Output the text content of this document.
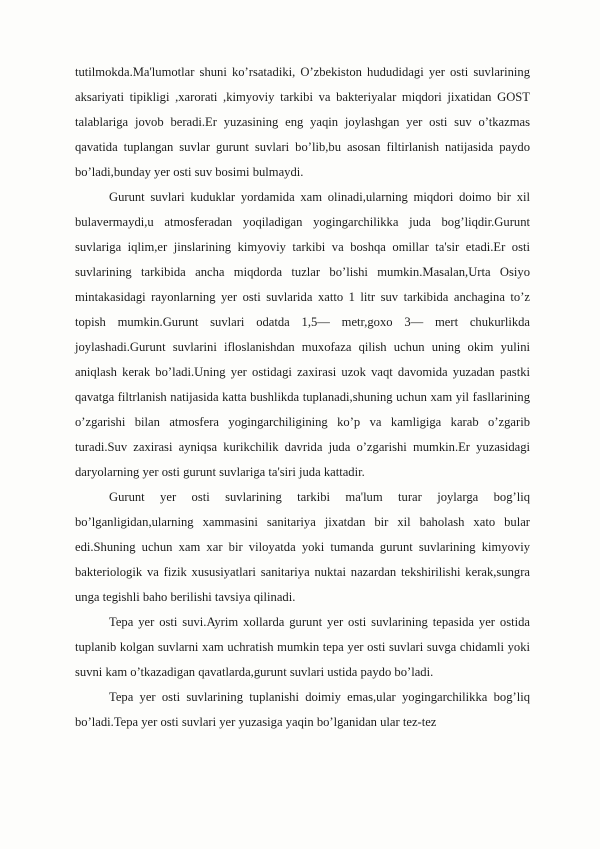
tutilmokda.Ma'lumotlar shuni ko’rsatadiki, O’zbekiston hududidagi yer osti suvlarining aksariyati tipikligi ,xarorati ,kimyoviy tarkibi va bakteriyalar miqdori jixatidan GOST talablariga jovob beradi.Er yuzasining eng yaqin joylashgan yer osti suv o’tkazmas qavatida tuplangan suvlar gurunt suvlari bo’lib,bu asosan filtirlanish natijasida paydo bo’ladi,bunday yer osti suv bosimi bulmaydi.

Gurunt suvlari kuduklar yordamida xam olinadi,ularning miqdori doimo bir xil bulavermaydi,u atmosferadan yoqiladigan yogingarchilikka juda bog’liqdir.Gurunt suvlariga iqlim,er jinslarining kimyoviy tarkibi va boshqa omillar ta'sir etadi.Er osti suvlarining tarkibida ancha miqdorda tuzlar bo’lishi mumkin.Masalan,Urta Osiyo mintakasidagi rayonlarning yer osti suvlarida xatto 1 litr suv tarkibida anchagina to’z topish mumkin.Gurunt suvlari odatda 1,5— metr,goxo 3— mert chukurlikda joylashadi.Gurunt suvlarini ifloslanishdan muxofaza qilish uchun uning okim yulini aniqlash kerak bo’ladi.Uning yer ostidagi zaxirasi uzok vaqt davomida yuzadan pastki qavatga filtrlanish natijasida katta bushlikda tuplanadi,shuning uchun xam yil fasllarining o’zgarishi bilan atmosfera yogingarchiligining ko’p va kamligiga karab o’zgarib turadi.Suv zaxirasi ayniqsa kurikchilik davrida juda o’zgarishi mumkin.Er yuzasidagi daryolarning yer osti gurunt suvlariga ta'siri juda kattadir.

Gurunt yer osti suvlarining tarkibi ma'lum turar joylarga bog’liq bo’lganligidan,ularning xammasini sanitariya jixatdan bir xil baholash xato bular edi.Shuning uchun xam xar bir viloyatda yoki tumanda gurunt suvlarining kimyoviy bakteriologik va fizik xususiyatlari sanitariya nuktai nazardan tekshirilishi kerak,sungra unga tegishli baho berilishi tavsiya qilinadi.

Tepa yer osti suvi.Ayrim xollarda gurunt yer osti suvlarining tepasida yer ostida tuplanib kolgan suvlarni xam uchratish mumkin tepa yer osti suvlari suvga chidamli yoki suvni kam o’tkazadigan qavatlarda,gurunt suvlari ustida paydo bo’ladi.

Tepa yer osti suvlarining tuplanishi doimiy emas,ular yogingarchilikka bog’liq bo’ladi.Tepa yer osti suvlari yer yuzasiga yaqin bo’lganidan ular tez-tez
